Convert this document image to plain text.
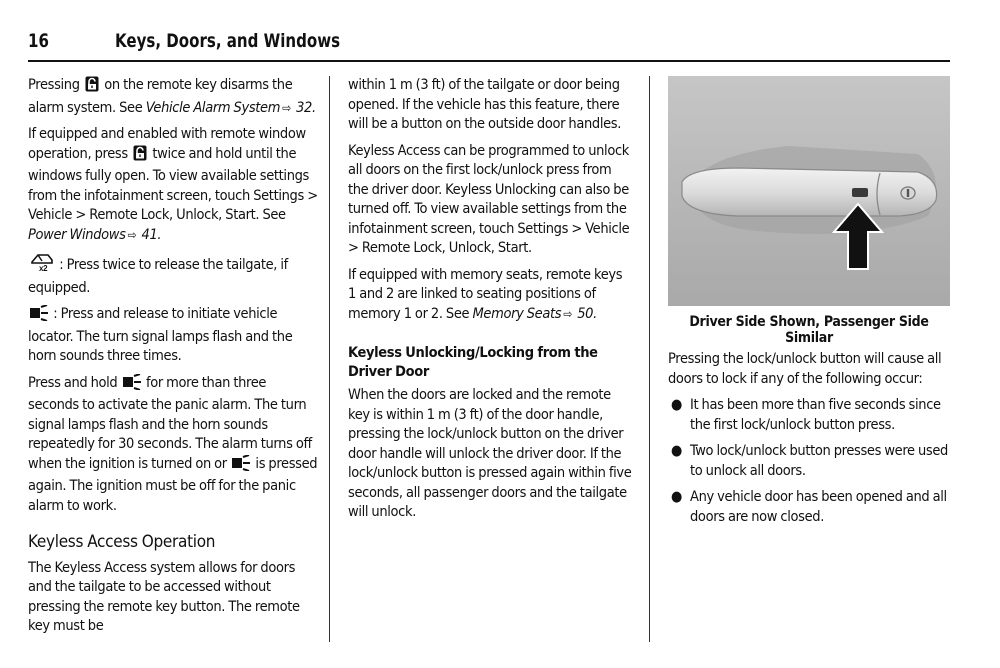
16	Keys, Doors, and Windows

Pressing on the remote key disarms the alarm system. See Vehicle Alarm System ⇨ 32.

If equipped and enabled with remote window operation, press twice and hold until the windows fully open. To view available settings from the infotainment screen, touch Settings > Vehicle > Remote Lock, Unlock, Start. See Power Windows ⇨ 41.

x2 : Press twice to release the tailgate, if equipped.

: Press and release to initiate vehicle locator. The turn signal lamps flash and the horn sounds three times.

Press and hold for more than three seconds to activate the panic alarm. The turn signal lamps flash and the horn sounds repeatedly for 30 seconds. The alarm turns off when the ignition is turned on or is pressed again. The ignition must be off for the panic alarm to work.

Keyless Access Operation

The Keyless Access system allows for doors and the tailgate to be accessed without pressing the remote key button. The remote key must be

within 1 m (3 ft) of the tailgate or door being opened. If the vehicle has this feature, there will be a button on the outside door handles.

Keyless Access can be programmed to unlock all doors on the first lock/unlock press from the driver door. Keyless Unlocking can also be turned off. To view available settings from the infotainment screen, touch Settings > Vehicle > Remote Lock, Unlock, Start.

If equipped with memory seats, remote keys 1 and 2 are linked to seating positions of memory 1 or 2. See Memory Seats ⇨ 50.

Keyless Unlocking/Locking from the Driver Door

When the doors are locked and the remote key is within 1 m (3 ft) of the door handle, pressing the lock/unlock button on the driver door handle will unlock the driver door. If the lock/unlock button is pressed again within five seconds, all passenger doors and the tailgate will unlock.

Driver Side Shown, Passenger Side Similar

Pressing the lock/unlock button will cause all doors to lock if any of the following occur:

● It has been more than five seconds since the first lock/unlock button press.
● Two lock/unlock button presses were used to unlock all doors.
● Any vehicle door has been opened and all doors are now closed.
